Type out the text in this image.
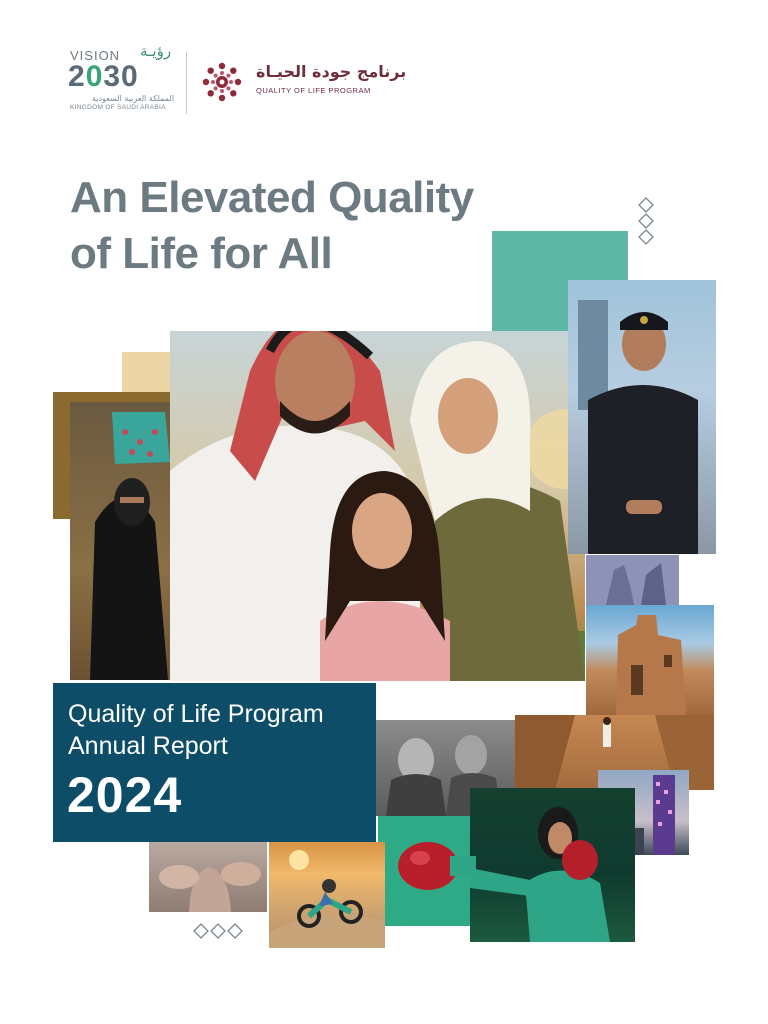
VISION رؤيـة
2030
المملكة العربية السعودية
KINGDOM OF SAUDI ARABIA
برنامج جودة الحيـاة
QUALITY OF LIFE PROGRAM
An Elevated Quality
of Life for All
Quality of Life Program
Annual Report
2024
